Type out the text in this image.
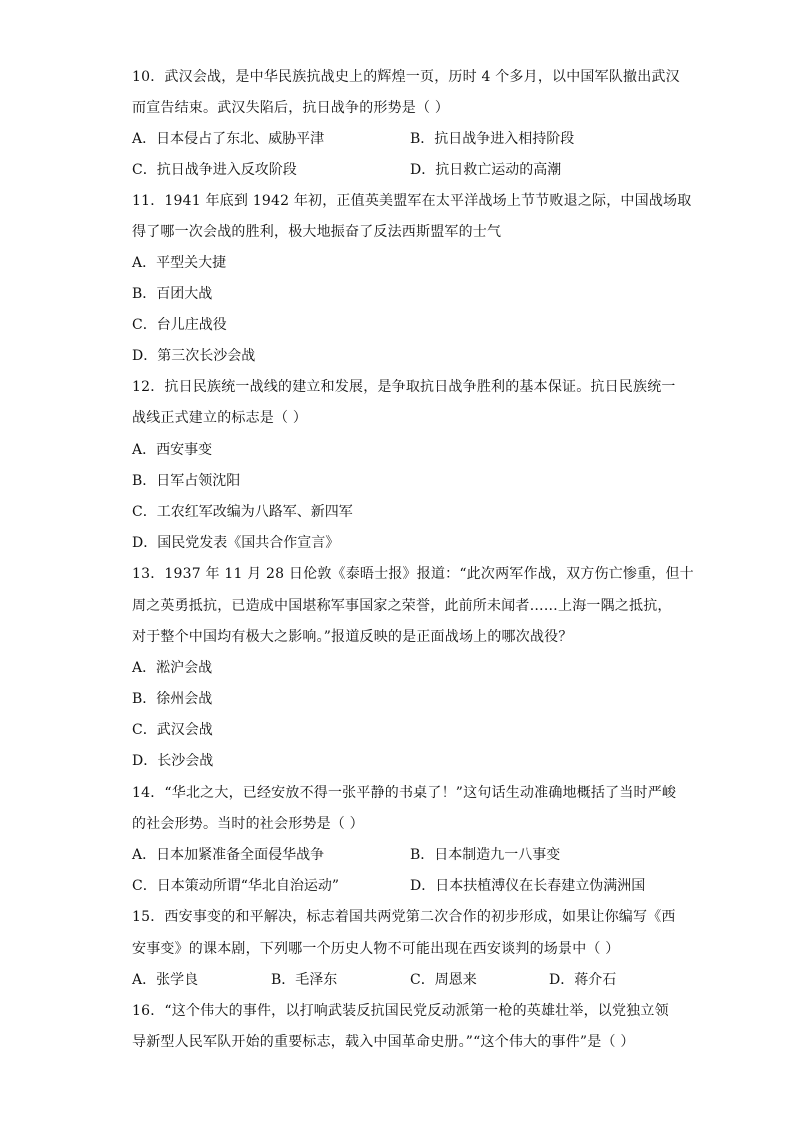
10．武汉会战，是中华民族抗战史上的辉煌一页，历时 4 个多月，以中国军队撤出武汉
而宣告结束。武汉失陷后，抗日战争的形势是（ ）
A．日本侵占了东北、威胁平津	B．抗日战争进入相持阶段
C．抗日战争进入反攻阶段	D．抗日救亡运动的高潮
11．1941 年底到 1942 年初，正值英美盟军在太平洋战场上节节败退之际，中国战场取
得了哪一次会战的胜利，极大地振奋了反法西斯盟军的士气
A．平型关大捷
B．百团大战
C．台儿庄战役
D．第三次长沙会战
12．抗日民族统一战线的建立和发展，是争取抗日战争胜利的基本保证。抗日民族统一
战线正式建立的标志是（ ）
A．西安事变
B．日军占领沈阳
C．工农红军改编为八路军、新四军
D．国民党发表《国共合作宣言》
13．1937 年 11 月 28 日伦敦《泰晤士报》报道：“此次两军作战，双方伤亡惨重，但十
周之英勇抵抗，已造成中国堪称军事国家之荣誉，此前所未闻者……上海一隅之抵抗，
对于整个中国均有极大之影响。”报道反映的是正面战场上的哪次战役？
A．淞沪会战
B．徐州会战
C．武汉会战
D．长沙会战
14．“华北之大，已经安放不得一张平静的书桌了！”这句话生动准确地概括了当时严峻
的社会形势。当时的社会形势是（ ）
A．日本加紧准备全面侵华战争	B．日本制造九一八事变
C．日本策动所谓“华北自治运动”	D．日本扶植溥仪在长春建立伪满洲国
15．西安事变的和平解决，标志着国共两党第二次合作的初步形成，如果让你编写《西
安事变》的课本剧，下列哪一个历史人物不可能出现在西安谈判的场景中（ ）
A．张学良	B．毛泽东	C．周恩来	D．蒋介石
16．“这个伟大的事件，以打响武装反抗国民党反动派第一枪的英雄壮举，以党独立领
导新型人民军队开始的重要标志，载入中国革命史册。”“这个伟大的事件”是（ ）
